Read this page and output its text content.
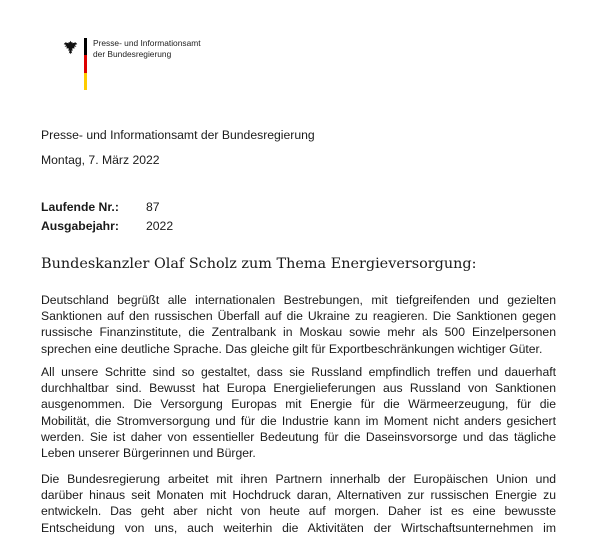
Presse- und Informationsamt
der Bundesregierung
Presse- und Informationsamt der Bundesregierung
Montag, 7. März 2022
Laufende Nr.:	87
Ausgabejahr:	2022
Bundeskanzler Olaf Scholz zum Thema Energieversorgung:
Deutschland begrüßt alle internationalen Bestrebungen, mit tiefgreifenden und gezielten
Sanktionen auf den russischen Überfall auf die Ukraine zu reagieren. Die Sanktionen gegen
russische Finanzinstitute, die Zentralbank in Moskau sowie mehr als 500 Einzelpersonen
sprechen eine deutliche Sprache. Das gleiche gilt für Exportbeschränkungen wichtiger Güter.
All unsere Schritte sind so gestaltet, dass sie Russland empfindlich treffen und dauerhaft
durchhaltbar sind. Bewusst hat Europa Energielieferungen aus Russland von Sanktionen
ausgenommen. Die Versorgung Europas mit Energie für die Wärmeerzeugung, für die
Mobilität, die Stromversorgung und für die Industrie kann im Moment nicht anders gesichert
werden. Sie ist daher von essentieller Bedeutung für die Daseinsvorsorge und das tägliche
Leben unserer Bürgerinnen und Bürger.
Die Bundesregierung arbeitet mit ihren Partnern innerhalb der Europäischen Union und
darüber hinaus seit Monaten mit Hochdruck daran, Alternativen zur russischen Energie zu
entwickeln. Das geht aber nicht von heute auf morgen. Daher ist es eine bewusste
Entscheidung von uns, auch weiterhin die Aktivitäten der Wirtschaftsunternehmen im
